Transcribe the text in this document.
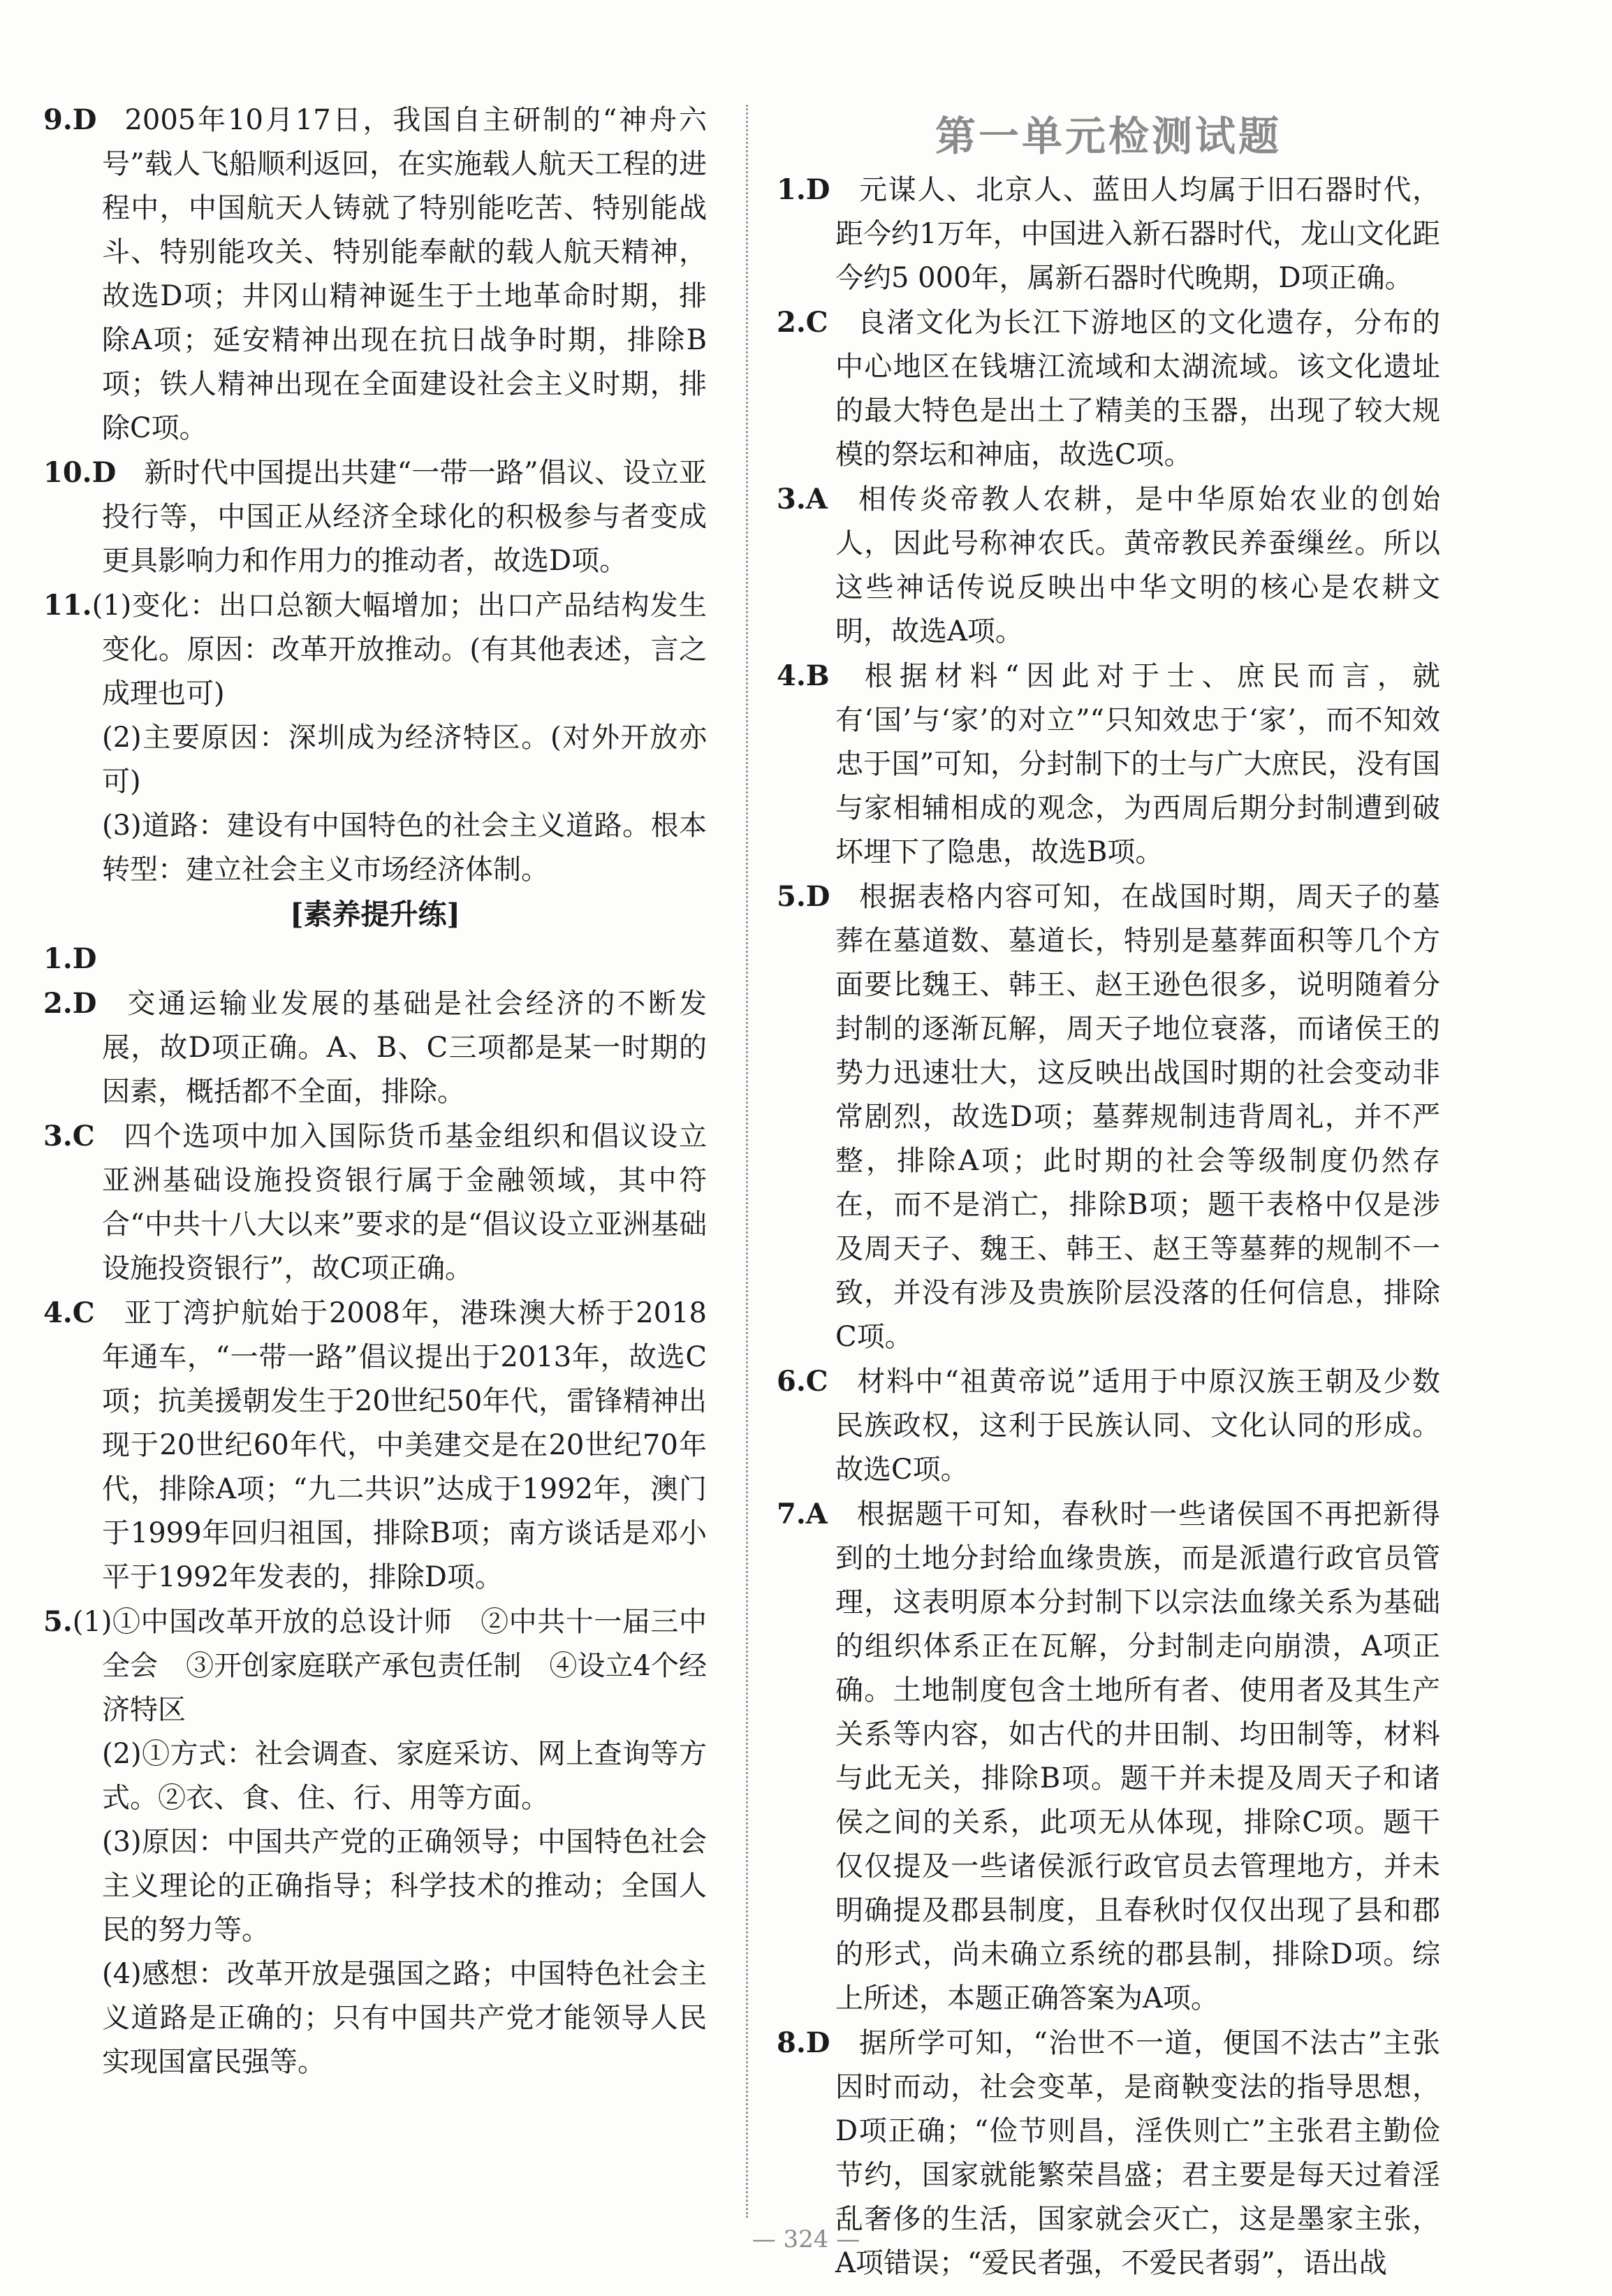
9.D 2005年10月17日，我国自主研制的“神舟六号”载人飞船顺利返回，在实施载人航天工程的进程中，中国航天人铸就了特别能吃苦、特别能战斗、特别能攻关、特别能奉献的载人航天精神，故选D项；井冈山精神诞生于土地革命时期，排除A项；延安精神出现在抗日战争时期，排除B项；铁人精神出现在全面建设社会主义时期，排除C项。

10.D 新时代中国提出共建“一带一路”倡议、设立亚投行等，中国正从经济全球化的积极参与者变成更具影响力和作用力的推动者，故选D项。

11.(1)变化：出口总额大幅增加；出口产品结构发生变化。原因：改革开放推动。(有其他表述，言之成理也可)

(2)主要原因：深圳成为经济特区。(对外开放亦可)

(3)道路：建设有中国特色的社会主义道路。根本转型：建立社会主义市场经济体制。

[素养提升练]

1.D

2.D 交通运输业发展的基础是社会经济的不断发展，故D项正确。A、B、C三项都是某一时期的因素，概括都不全面，排除。

3.C 四个选项中加入国际货币基金组织和倡议设立亚洲基础设施投资银行属于金融领域，其中符合“中共十八大以来”要求的是“倡议设立亚洲基础设施投资银行”，故C项正确。

4.C 亚丁湾护航始于2008年，港珠澳大桥于2018年通车，“一带一路”倡议提出于2013年，故选C项；抗美援朝发生于20世纪50年代，雷锋精神出现于20世纪60年代，中美建交是在20世纪70年代，排除A项；“九二共识”达成于1992年，澳门于1999年回归祖国，排除B项；南方谈话是邓小平于1992年发表的，排除D项。

5.(1)①中国改革开放的总设计师　②中共十一届三中全会　③开创家庭联产承包责任制　④设立4个经济特区

(2)①方式：社会调查、家庭采访、网上查询等方式。②衣、食、住、行、用等方面。

(3)原因：中国共产党的正确领导；中国特色社会主义理论的正确指导；科学技术的推动；全国人民的努力等。

(4)感想：改革开放是强国之路；中国特色社会主义道路是正确的；只有中国共产党才能领导人民实现国富民强等。

第一单元检测试题

1.D 元谋人、北京人、蓝田人均属于旧石器时代，距今约1万年，中国进入新石器时代，龙山文化距今约5 000年，属新石器时代晚期，D项正确。

2.C 良渚文化为长江下游地区的文化遗存，分布的中心地区在钱塘江流域和太湖流域。该文化遗址的最大特色是出土了精美的玉器，出现了较大规模的祭坛和神庙，故选C项。

3.A 相传炎帝教人农耕，是中华原始农业的创始人，因此号称神农氏。黄帝教民养蚕缫丝。所以这些神话传说反映出中华文明的核心是农耕文明，故选A项。

4.B 根据材料“因此对于士、庶民而言，就有‘国’与‘家’的对立”“只知效忠于‘家’，而不知效忠于国”可知，分封制下的士与广大庶民，没有国与家相辅相成的观念，为西周后期分封制遭到破坏埋下了隐患，故选B项。

5.D 根据表格内容可知，在战国时期，周天子的墓葬在墓道数、墓道长，特别是墓葬面积等几个方面要比魏王、韩王、赵王逊色很多，说明随着分封制的逐渐瓦解，周天子地位衰落，而诸侯王的势力迅速壮大，这反映出战国时期的社会变动非常剧烈，故选D项；墓葬规制违背周礼，并不严整，排除A项；此时期的社会等级制度仍然存在，而不是消亡，排除B项；题干表格中仅是涉及周天子、魏王、韩王、赵王等墓葬的规制不一致，并没有涉及贵族阶层没落的任何信息，排除C项。

6.C 材料中“祖黄帝说”适用于中原汉族王朝及少数民族政权，这利于民族认同、文化认同的形成。故选C项。

7.A 根据题干可知，春秋时一些诸侯国不再把新得到的土地分封给血缘贵族，而是派遣行政官员管理，这表明原本分封制下以宗法血缘关系为基础的组织体系正在瓦解，分封制走向崩溃，A项正确。土地制度包含土地所有者、使用者及其生产关系等内容，如古代的井田制、均田制等，材料与此无关，排除B项。题干并未提及周天子和诸侯之间的关系，此项无从体现，排除C项。题干仅仅提及一些诸侯派行政官员去管理地方，并未明确提及郡县制度，且春秋时仅仅出现了县和郡的形式，尚未确立系统的郡县制，排除D项。综上所述，本题正确答案为A项。

8.D 据所学可知，“治世不一道，便国不法古”主张因时而动，社会变革，是商鞅变法的指导思想，D项正确；“俭节则昌，淫佚则亡”主张君主勤俭节约，国家就能繁荣昌盛；君主要是每天过着淫乱奢侈的生活，国家就会灭亡，这是墨家主张，A项错误；“爱民者强，不爱民者弱”，语出战

— 324 —
